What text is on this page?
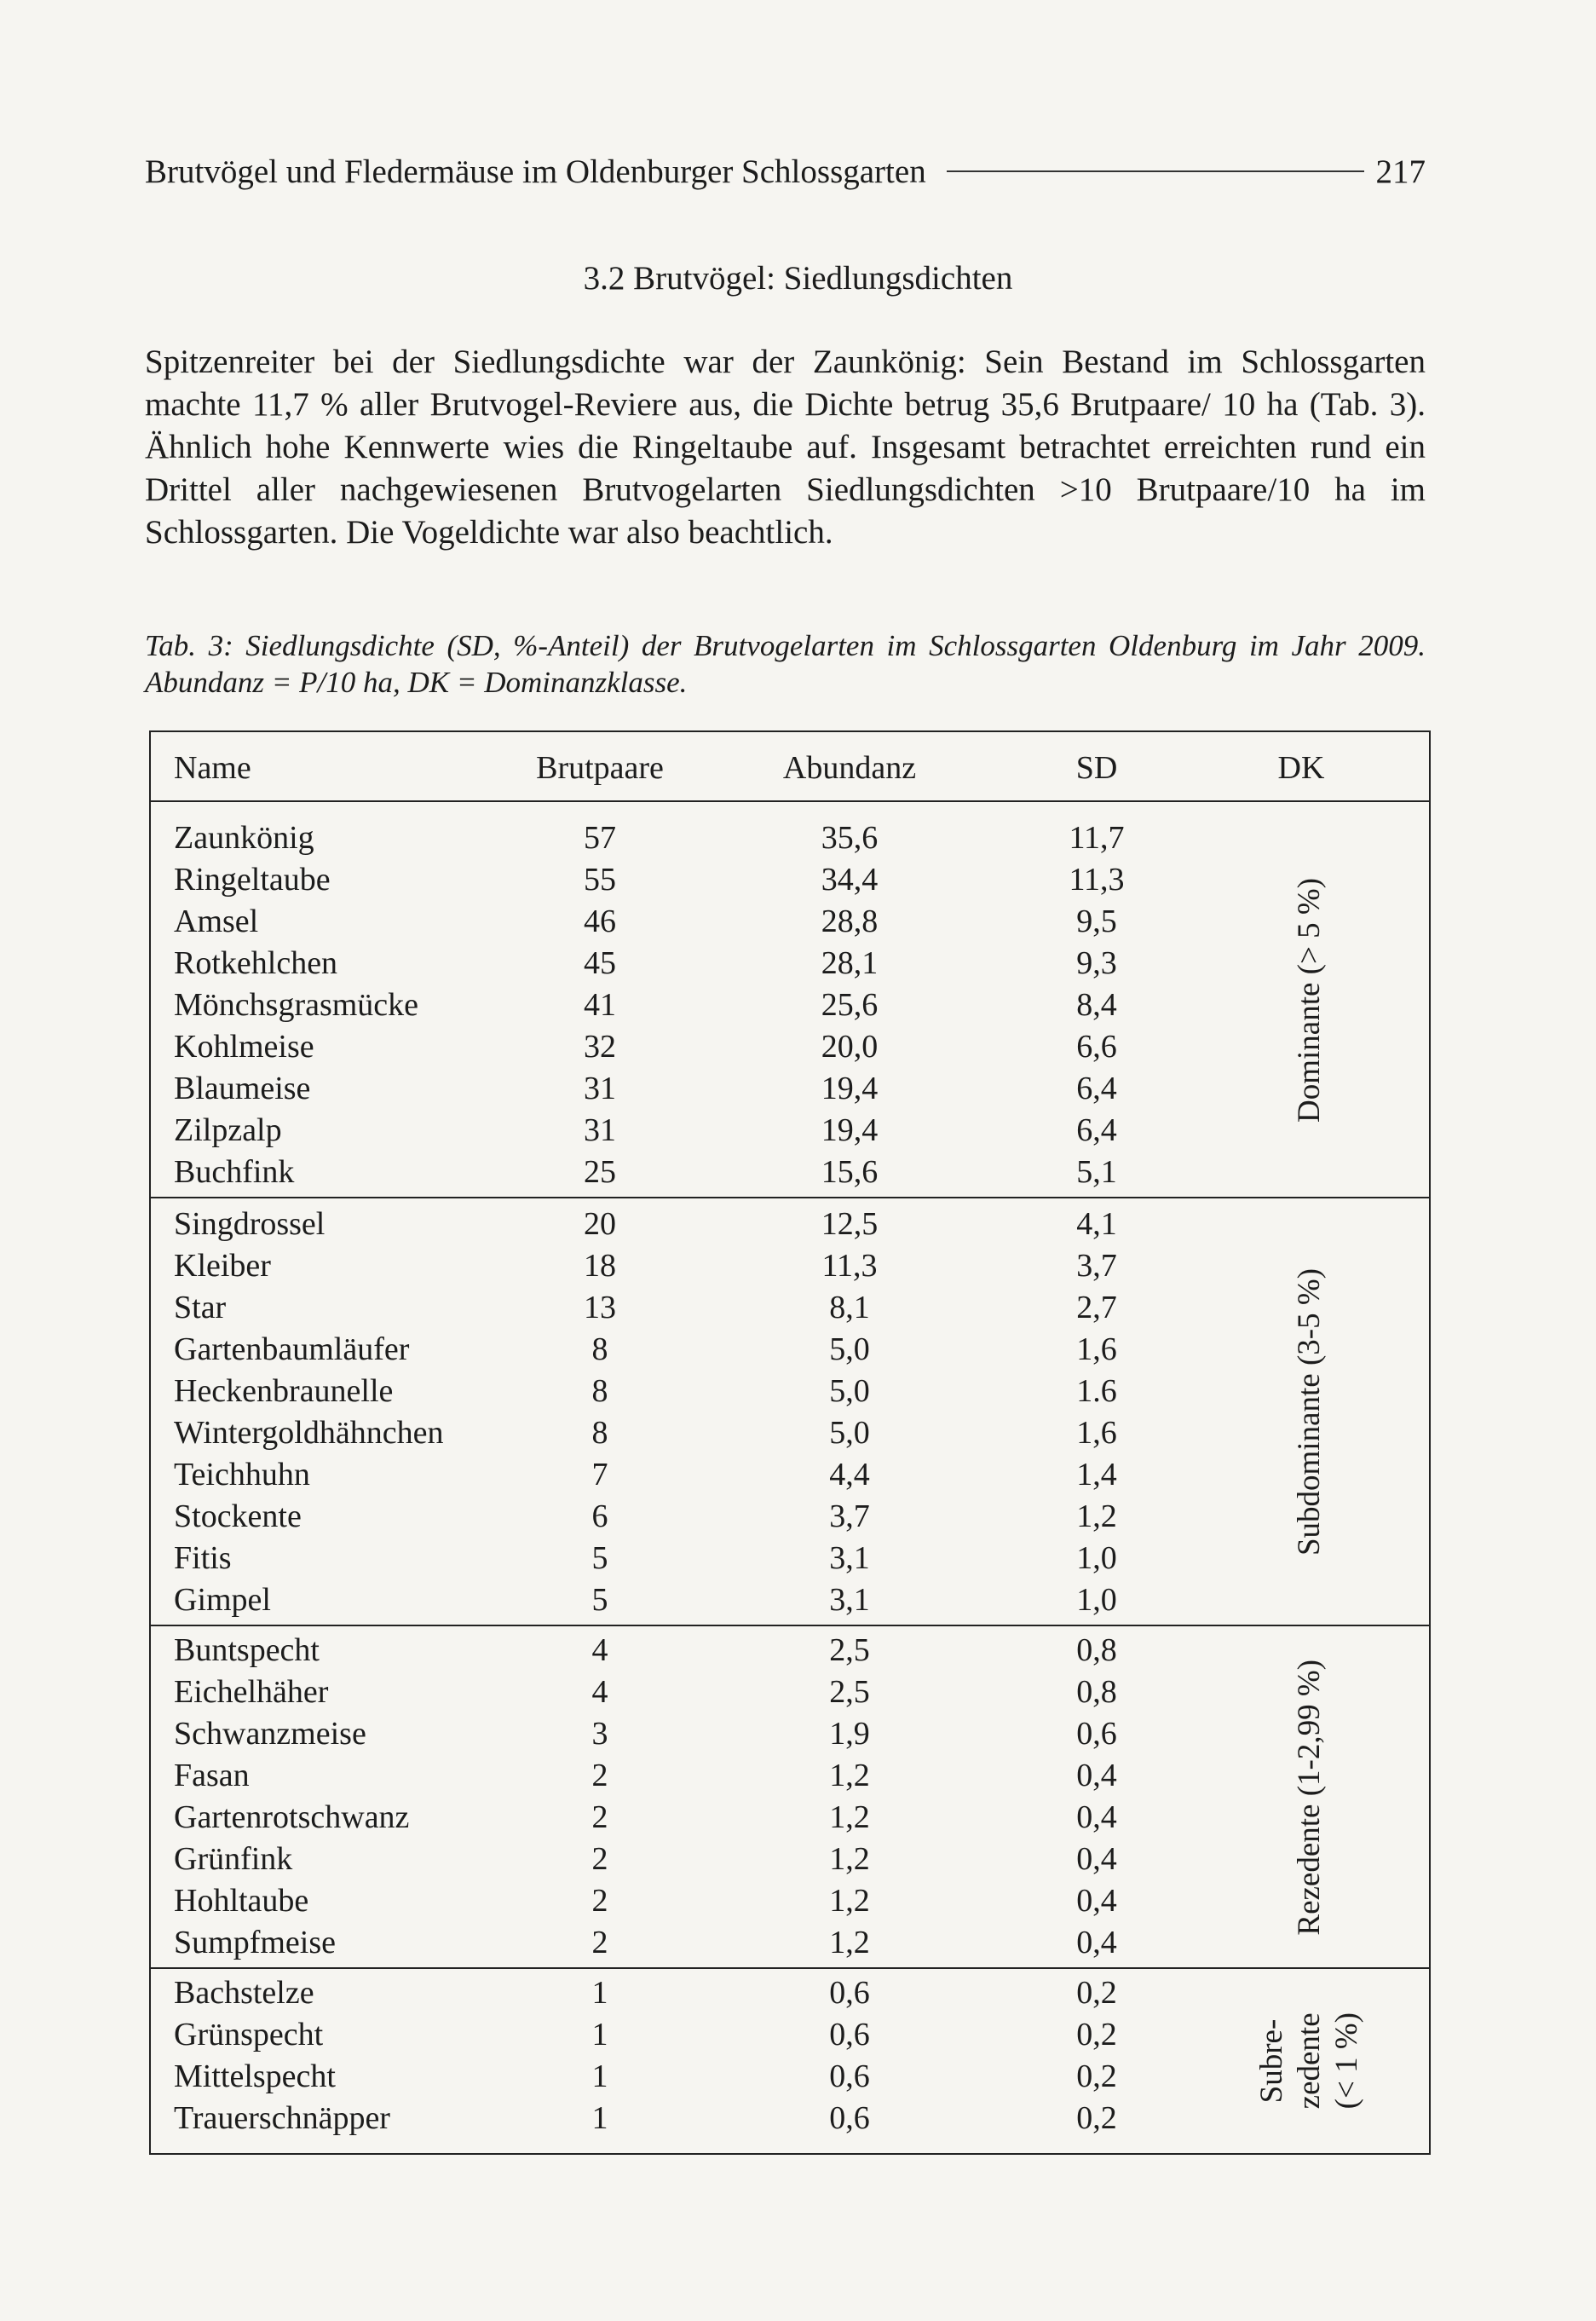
Brutvögel und Fledermäuse im Oldenburger Schlossgarten	217
3.2 Brutvögel: Siedlungsdichten
Spitzenreiter bei der Siedlungsdichte war der Zaunkönig: Sein Bestand im Schlossgarten machte 11,7 % aller Brutvogel-Reviere aus, die Dichte betrug 35,6 Brutpaare/ 10 ha (Tab. 3). Ähnlich hohe Kennwerte wies die Ringeltaube auf. Insgesamt betrachtet erreichten rund ein Drittel aller nachgewiesenen Brutvogelarten Siedlungsdichten >10 Brutpaare/10 ha im Schlossgarten. Die Vogeldichte war also beachtlich.
Tab. 3: Siedlungsdichte (SD, %-Anteil) der Brutvogelarten im Schlossgarten Oldenburg im Jahr 2009. Abundanz = P/10 ha, DK = Dominanzklasse.
Name	Brutpaare	Abundanz	SD	DK
Zaunkönig	57	35,6	11,7
Ringeltaube	55	34,4	11,3
Amsel	46	28,8	9,5
Rotkehlchen	45	28,1	9,3
Mönchsgrasmücke	41	25,6	8,4
Kohlmeise	32	20,0	6,6
Blaumeise	31	19,4	6,4
Zilpzalp	31	19,4	6,4
Buchfink	25	15,6	5,1
Dominante (> 5 %)
Singdrossel	20	12,5	4,1
Kleiber	18	11,3	3,7
Star	13	8,1	2,7
Gartenbaumläufer	8	5,0	1,6
Heckenbraunelle	8	5,0	1.6
Wintergoldhähnchen	8	5,0	1,6
Teichhuhn	7	4,4	1,4
Stockente	6	3,7	1,2
Fitis	5	3,1	1,0
Gimpel	5	3,1	1,0
Subdominante (3-5 %)
Buntspecht	4	2,5	0,8
Eichelhäher	4	2,5	0,8
Schwanzmeise	3	1,9	0,6
Fasan	2	1,2	0,4
Gartenrotschwanz	2	1,2	0,4
Grünfink	2	1,2	0,4
Hohltaube	2	1,2	0,4
Sumpfmeise	2	1,2	0,4
Rezedente (1-2,99 %)
Bachstelze	1	0,6	0,2
Grünspecht	1	0,6	0,2
Mittelspecht	1	0,6	0,2
Trauerschnäpper	1	0,6	0,2
Subre- zedente (< 1 %)
